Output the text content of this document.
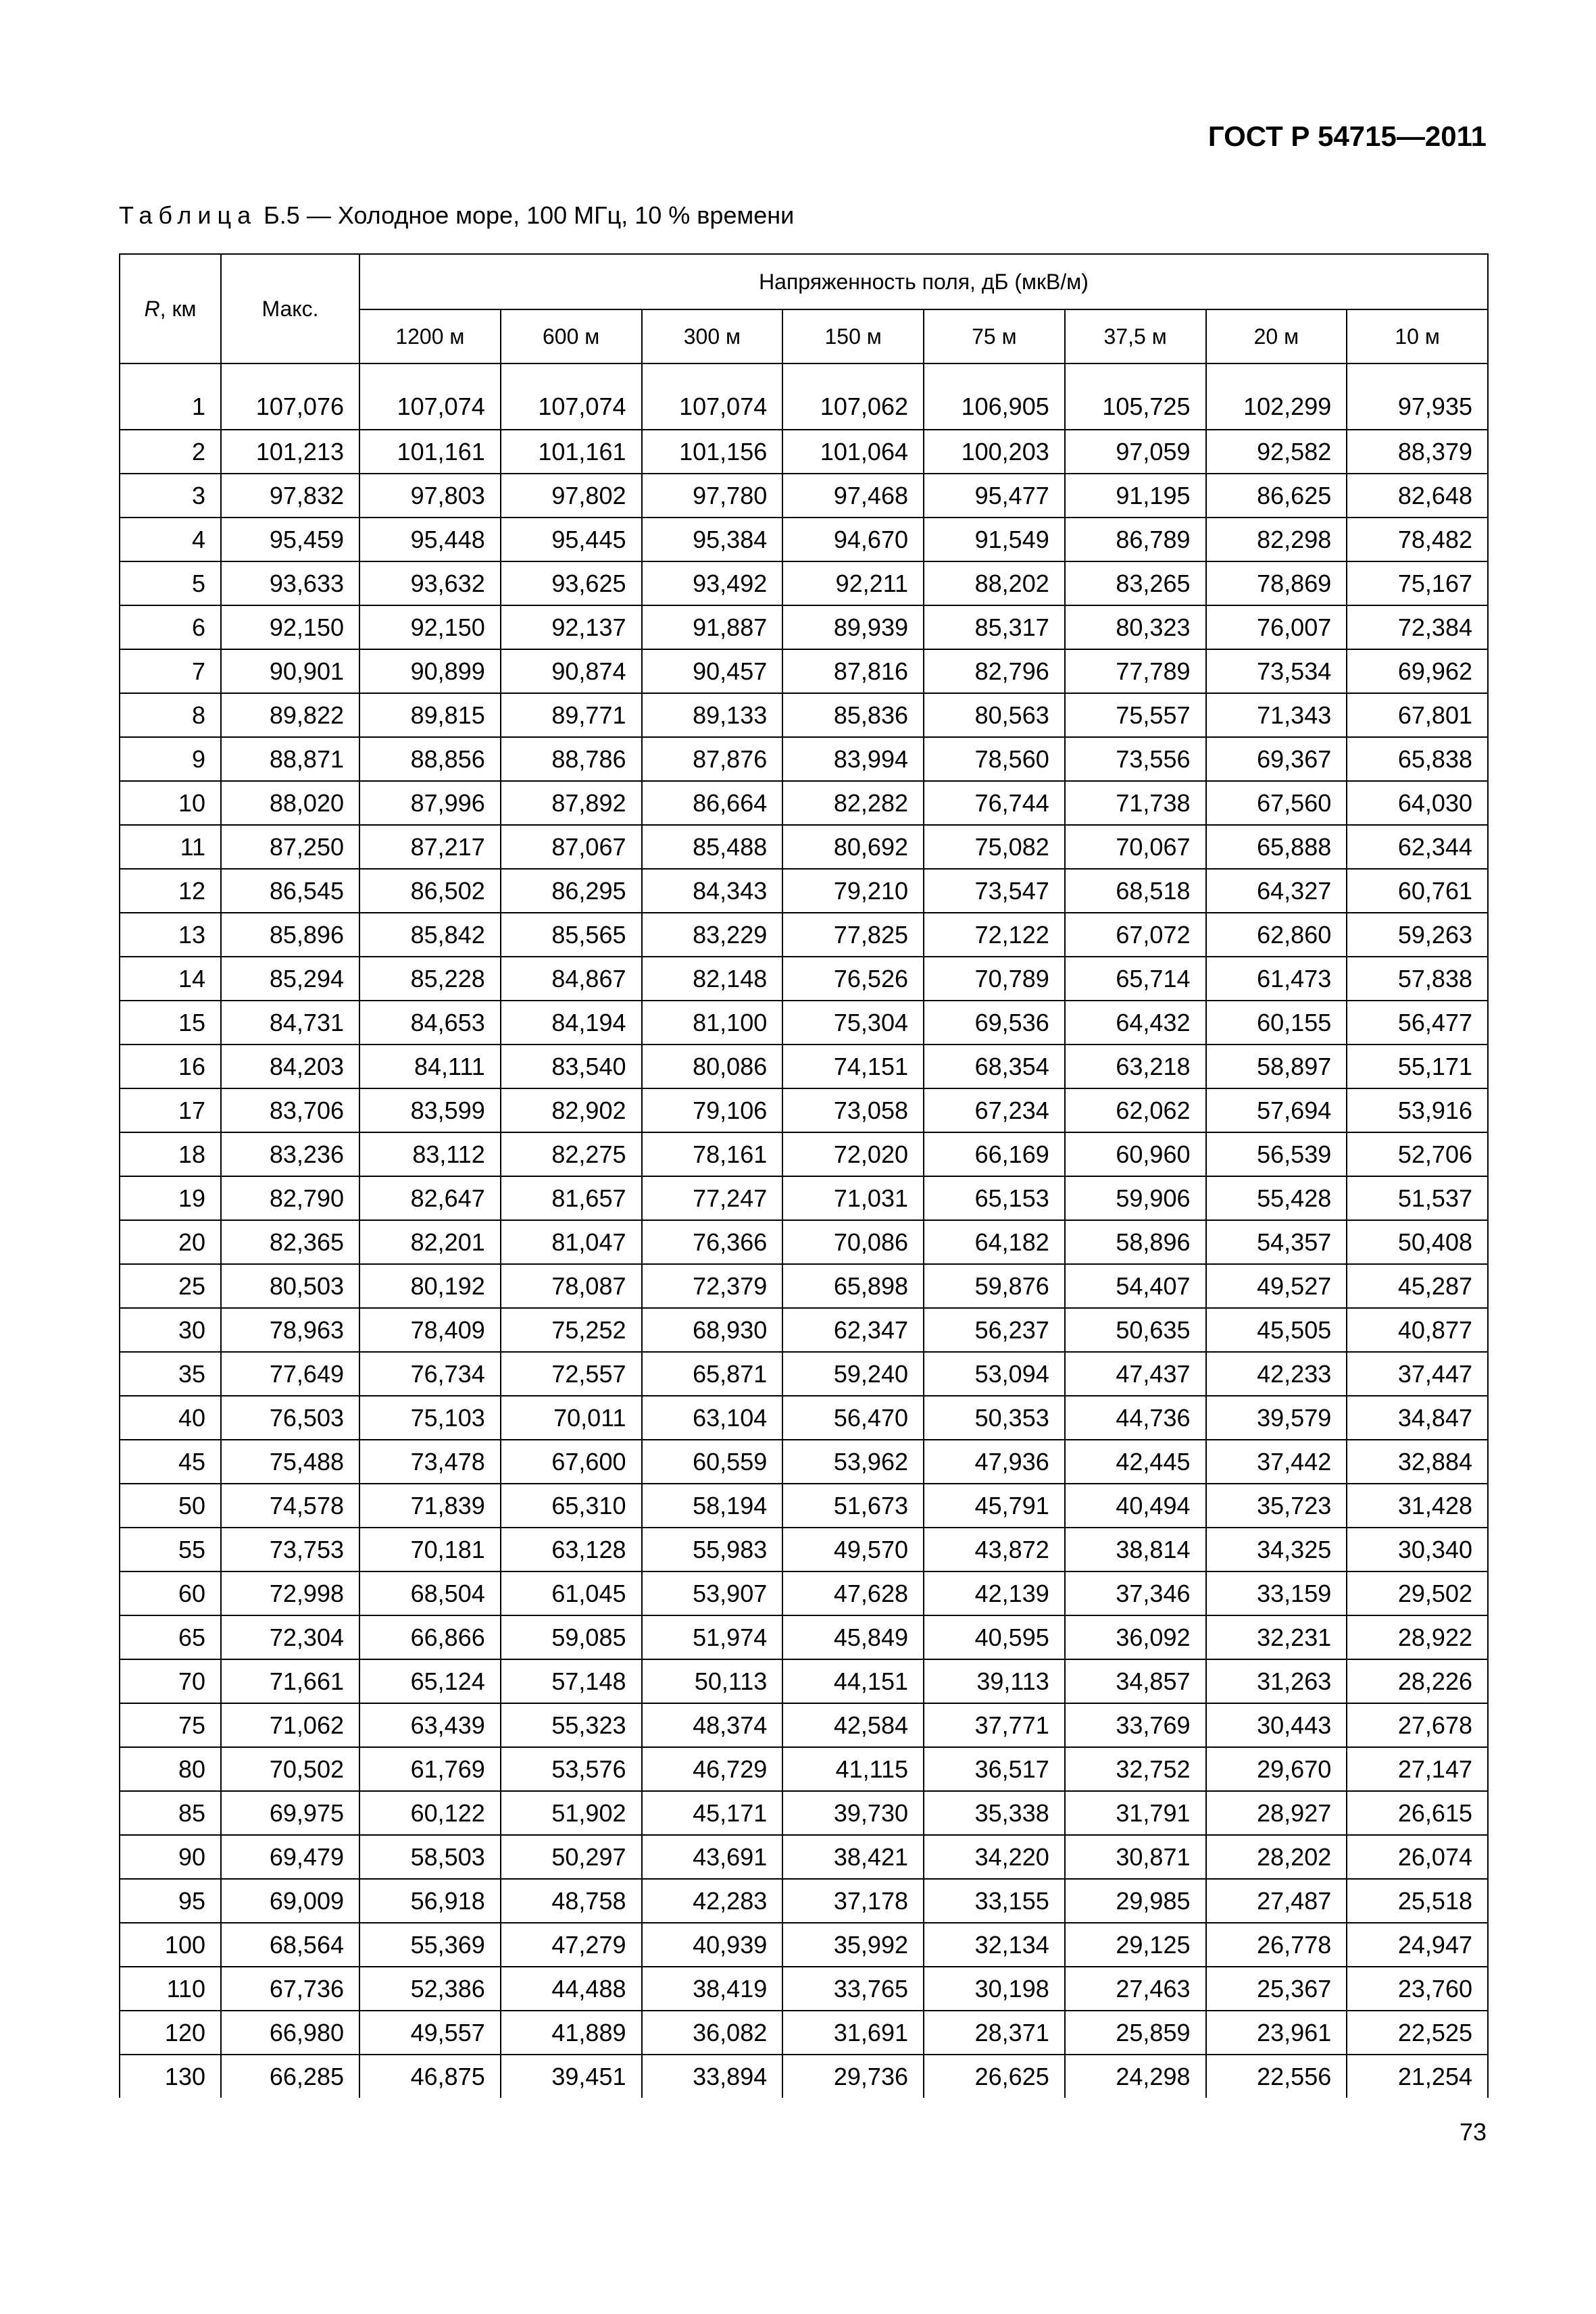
ГОСТ Р 54715—2011
Таблица Б.5 — Холодное море, 100 МГц, 10 % времени
R, км	Макс.	Напряженность поля, дБ (мкВ/м)							
		1200 м	600 м	300 м	150 м	75 м	37,5 м	20 м	10 м
1	107,076	107,074	107,074	107,074	107,062	106,905	105,725	102,299	97,935
2	101,213	101,161	101,161	101,156	101,064	100,203	97,059	92,582	88,379
3	97,832	97,803	97,802	97,780	97,468	95,477	91,195	86,625	82,648
4	95,459	95,448	95,445	95,384	94,670	91,549	86,789	82,298	78,482
5	93,633	93,632	93,625	93,492	92,211	88,202	83,265	78,869	75,167
6	92,150	92,150	92,137	91,887	89,939	85,317	80,323	76,007	72,384
7	90,901	90,899	90,874	90,457	87,816	82,796	77,789	73,534	69,962
8	89,822	89,815	89,771	89,133	85,836	80,563	75,557	71,343	67,801
9	88,871	88,856	88,786	87,876	83,994	78,560	73,556	69,367	65,838
10	88,020	87,996	87,892	86,664	82,282	76,744	71,738	67,560	64,030
11	87,250	87,217	87,067	85,488	80,692	75,082	70,067	65,888	62,344
12	86,545	86,502	86,295	84,343	79,210	73,547	68,518	64,327	60,761
13	85,896	85,842	85,565	83,229	77,825	72,122	67,072	62,860	59,263
14	85,294	85,228	84,867	82,148	76,526	70,789	65,714	61,473	57,838
15	84,731	84,653	84,194	81,100	75,304	69,536	64,432	60,155	56,477
16	84,203	84,111	83,540	80,086	74,151	68,354	63,218	58,897	55,171
17	83,706	83,599	82,902	79,106	73,058	67,234	62,062	57,694	53,916
18	83,236	83,112	82,275	78,161	72,020	66,169	60,960	56,539	52,706
19	82,790	82,647	81,657	77,247	71,031	65,153	59,906	55,428	51,537
20	82,365	82,201	81,047	76,366	70,086	64,182	58,896	54,357	50,408
25	80,503	80,192	78,087	72,379	65,898	59,876	54,407	49,527	45,287
30	78,963	78,409	75,252	68,930	62,347	56,237	50,635	45,505	40,877
35	77,649	76,734	72,557	65,871	59,240	53,094	47,437	42,233	37,447
40	76,503	75,103	70,011	63,104	56,470	50,353	44,736	39,579	34,847
45	75,488	73,478	67,600	60,559	53,962	47,936	42,445	37,442	32,884
50	74,578	71,839	65,310	58,194	51,673	45,791	40,494	35,723	31,428
55	73,753	70,181	63,128	55,983	49,570	43,872	38,814	34,325	30,340
60	72,998	68,504	61,045	53,907	47,628	42,139	37,346	33,159	29,502
65	72,304	66,866	59,085	51,974	45,849	40,595	36,092	32,231	28,922
70	71,661	65,124	57,148	50,113	44,151	39,113	34,857	31,263	28,226
75	71,062	63,439	55,323	48,374	42,584	37,771	33,769	30,443	27,678
80	70,502	61,769	53,576	46,729	41,115	36,517	32,752	29,670	27,147
85	69,975	60,122	51,902	45,171	39,730	35,338	31,791	28,927	26,615
90	69,479	58,503	50,297	43,691	38,421	34,220	30,871	28,202	26,074
95	69,009	56,918	48,758	42,283	37,178	33,155	29,985	27,487	25,518
100	68,564	55,369	47,279	40,939	35,992	32,134	29,125	26,778	24,947
110	67,736	52,386	44,488	38,419	33,765	30,198	27,463	25,367	23,760
120	66,980	49,557	41,889	36,082	31,691	28,371	25,859	23,961	22,525
130	66,285	46,875	39,451	33,894	29,736	26,625	24,298	22,556	21,254
73
